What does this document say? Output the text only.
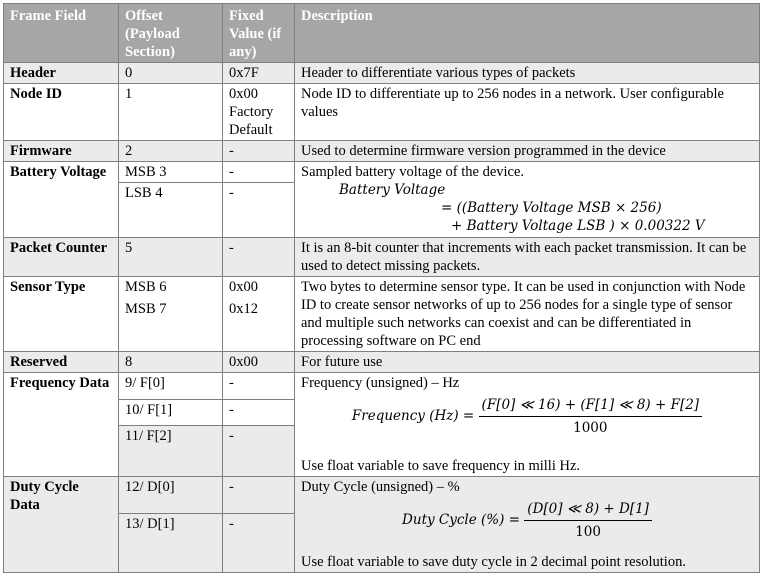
Frame Field	Offset (Payload Section)	Fixed Value (if any)	Description
Header	0	0x7F	Header to differentiate various types of packets
Node ID	1	0x00 Factory Default	Node ID to differentiate up to 256 nodes in a network. User configurable values
Firmware	2	-	Used to determine firmware version programmed in the device
Battery Voltage	MSB 3	-	Sampled battery voltage of the device.
Battery Voltage
= ((Battery Voltage MSB × 256)
+ Battery Voltage LSB ) × 0.00322 V

	LSB 4	-	
Packet Counter	5	-	It is an 8-bit counter that increments with each packet transmission. It can be used to detect missing packets.
Sensor Type	MSB 6	0x00	Two bytes to determine sensor type. It can be used in conjunction with Node ID to create sensor networks of up to 256 nodes for a single type of sensor and multiple such networks can coexist and can be differentiated in processing software on PC end
	MSB 7	0x12	
Reserved	8	0x00	For future use
Frequency Data	9/ F[0]	-	Frequency (unsigned) – Hz
Frequency $(Hz) = \frac{(F[0] ≪ 16) + (F[1] ≪ 8) + F[2]}{1000}$
Use float variable to save frequency in milli Hz.

	10/ F[1]	-	
	11/ F[2]	-	
Duty Cycle Data	12/ D[0]	-	Duty Cycle (unsigned) – %
Duty Cycle (%) = $\frac{(D[0] ≪ 8) + D[1]}{100}$
Use float variable to save duty cycle in 2 decimal point resolution.

	13/ D[1]	-	
